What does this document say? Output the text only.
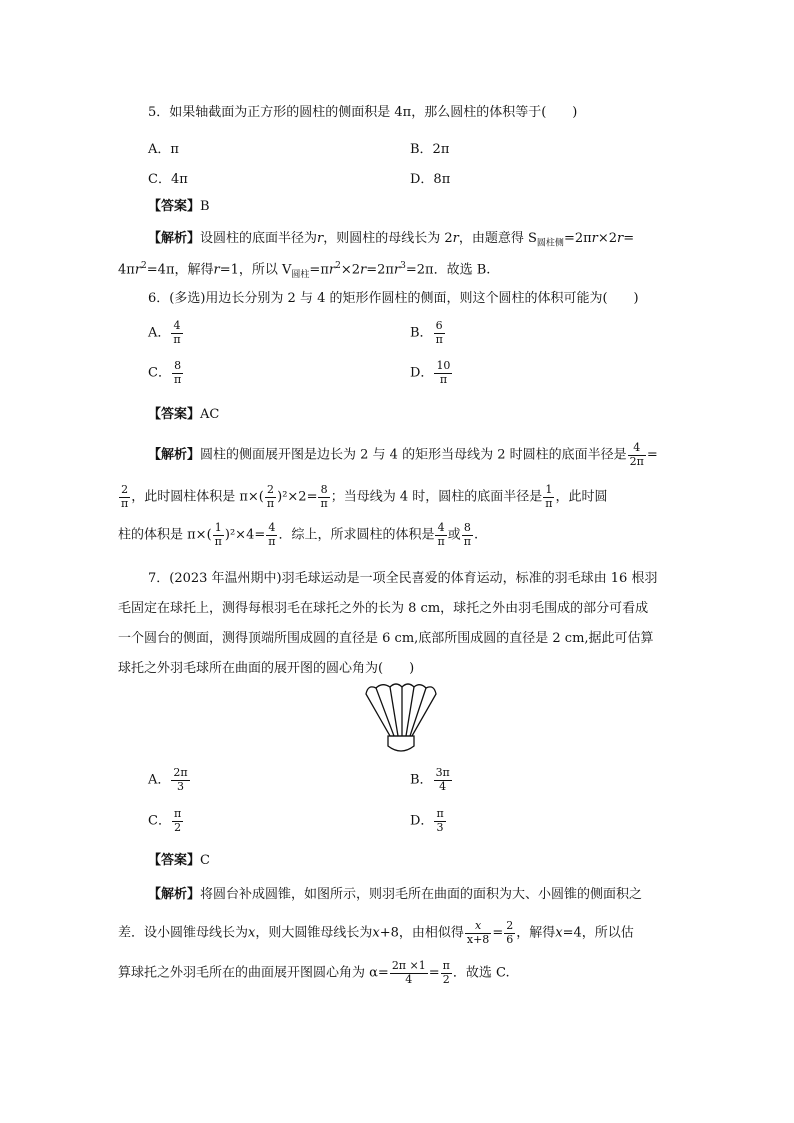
5．如果轴截面为正方形的圆柱的侧面积是 4π，那么圆柱的体积等于(　　)
A．π	B．2π
C．4π	D．8π
【答案】B
【解析】设圆柱的底面半径为r，则圆柱的母线长为 2r，由题意得 $S_{圆柱侧}=2\pi r\times 2r=$
$4\pi r^2=4\pi$，解得r=1，所以 $V_{圆柱}=\pi r^2\times 2r=2\pi r^3=2\pi$．故选 B.
6．(多选)用边长分别为 2 与 4 的矩形作圆柱的侧面，则这个圆柱的体积可能为(　　)
A． $\frac{4}{\pi}$	B． $\frac{6}{\pi}$
C． $\frac{8}{\pi}$	D． $\frac{10}{\pi}$
【答案】AC
【解析】圆柱的侧面展开图是边长为 2 与 4 的矩形当母线为 2 时圆柱的底面半径是 $\frac{4}{2\pi}$ =
$\frac{2}{\pi}$ ，此时圆柱体积是 $\pi\times( \frac{2}{\pi} )^2\times 2= \frac{8}{\pi}$ ；当母线为 4 时，圆柱的底面半径是 $\frac{1}{\pi}$ ，此时圆
柱的体积是 $\pi\times( \frac{1}{\pi} )^2\times 4= \frac{4}{\pi}$ ．综上，所求圆柱的体积是 $\frac{4}{\pi}$ 或 $\frac{8}{\pi}$ .
7．(2023 年温州期中)羽毛球运动是一项全民喜爱的体育运动，标准的羽毛球由 16 根羽
毛固定在球托上，测得每根羽毛在球托之外的长为 8 cm，球托之外由羽毛围成的部分可看成
一个圆台的侧面，测得顶端所围成圆的直径是 6 cm,底部所围成圆的直径是 2 cm,据此可估算
球托之外羽毛球所在曲面的展开图的圆心角为(　　)
A． $\frac{2\pi}{3}$	B． $\frac{3\pi}{4}$
C． $\frac{\pi}{2}$	D． $\frac{\pi}{3}$
【答案】C
【解析】将圆台补成圆锥，如图所示，则羽毛所在曲面的面积为大、小圆锥的侧面积之
差．设小圆锥母线长为x，则大圆锥母线长为x+8，由相似得 $\frac{x}{x+8} = \frac{2}{6}$ ，解得x=4，所以估
算球托之外羽毛所在的曲面展开图圆心角为 $\alpha= \frac{2\pi \times 1}{4} = \frac{\pi}{2}$ ．故选 C.
